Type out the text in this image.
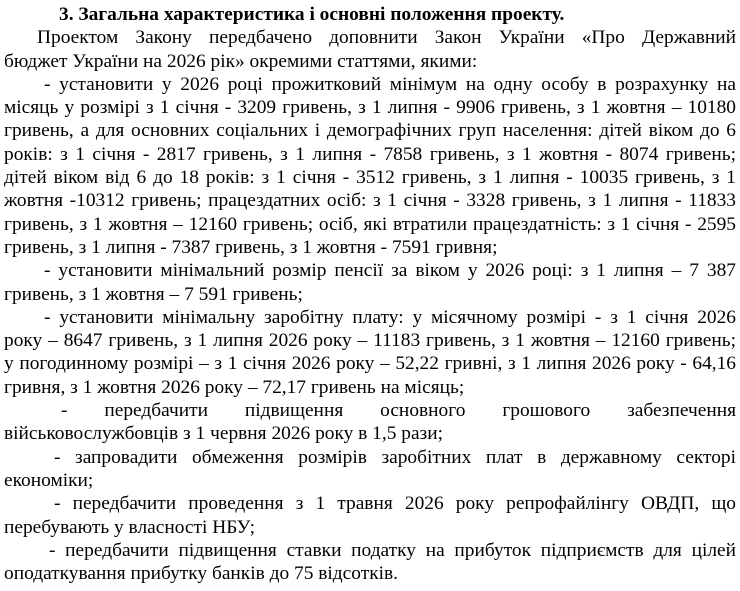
3. Загальна характеристика і основні положення проекту.
Проектом Закону передбачено доповнити Закон України «Про Державний
бюджет України на 2026 рік» окремими статтями, якими:
- установити у 2026 році прожитковий мінімум на одну особу в розрахунку на
місяць у розмірі з 1 січня - 3209 гривень, з 1 липня - 9906 гривень, з 1 жовтня – 10180
гривень, а для основних соціальних і демографічних груп населення: дітей віком до 6
років: з 1 січня - 2817 гривень, з 1 липня - 7858 гривень, з 1 жовтня - 8074 гривень;
дітей віком від 6 до 18 років: з 1 січня - 3512 гривень, з 1 липня - 10035 гривень, з 1
жовтня -10312 гривень; працездатних осіб: з 1 січня - 3328 гривень, з 1 липня - 11833
гривень, з 1 жовтня – 12160 гривень; осіб, які втратили працездатність: з 1 січня - 2595
гривень, з 1 липня - 7387 гривень, з 1 жовтня - 7591 гривня;
- установити мінімальний розмір пенсії за віком у 2026 році: з 1 липня – 7 387
гривень, з 1 жовтня – 7 591 гривень;
- установити мінімальну заробітну плату: у місячному розмірі - з 1 січня 2026
року – 8647 гривень, з 1 липня 2026 року – 11183 гривень, з 1 жовтня – 12160 гривень;
у погодинному розмірі – з 1 січня 2026 року – 52,22 гривні, з 1 липня 2026 року - 64,16
гривня, з 1 жовтня 2026 року – 72,17 гривень на місяць;
- передбачити підвищення основного грошового забезпечення
військовослужбовців з 1 червня 2026 року в 1,5 рази;
- запровадити обмеження розмірів заробітних плат в державному секторі
економіки;
- передбачити проведення з 1 травня 2026 року репрофайлінгу ОВДП, що
перебувають у власності НБУ;
- передбачити підвищення ставки податку на прибуток підприємств для цілей
оподаткування прибутку банків до 75 відсотків.
